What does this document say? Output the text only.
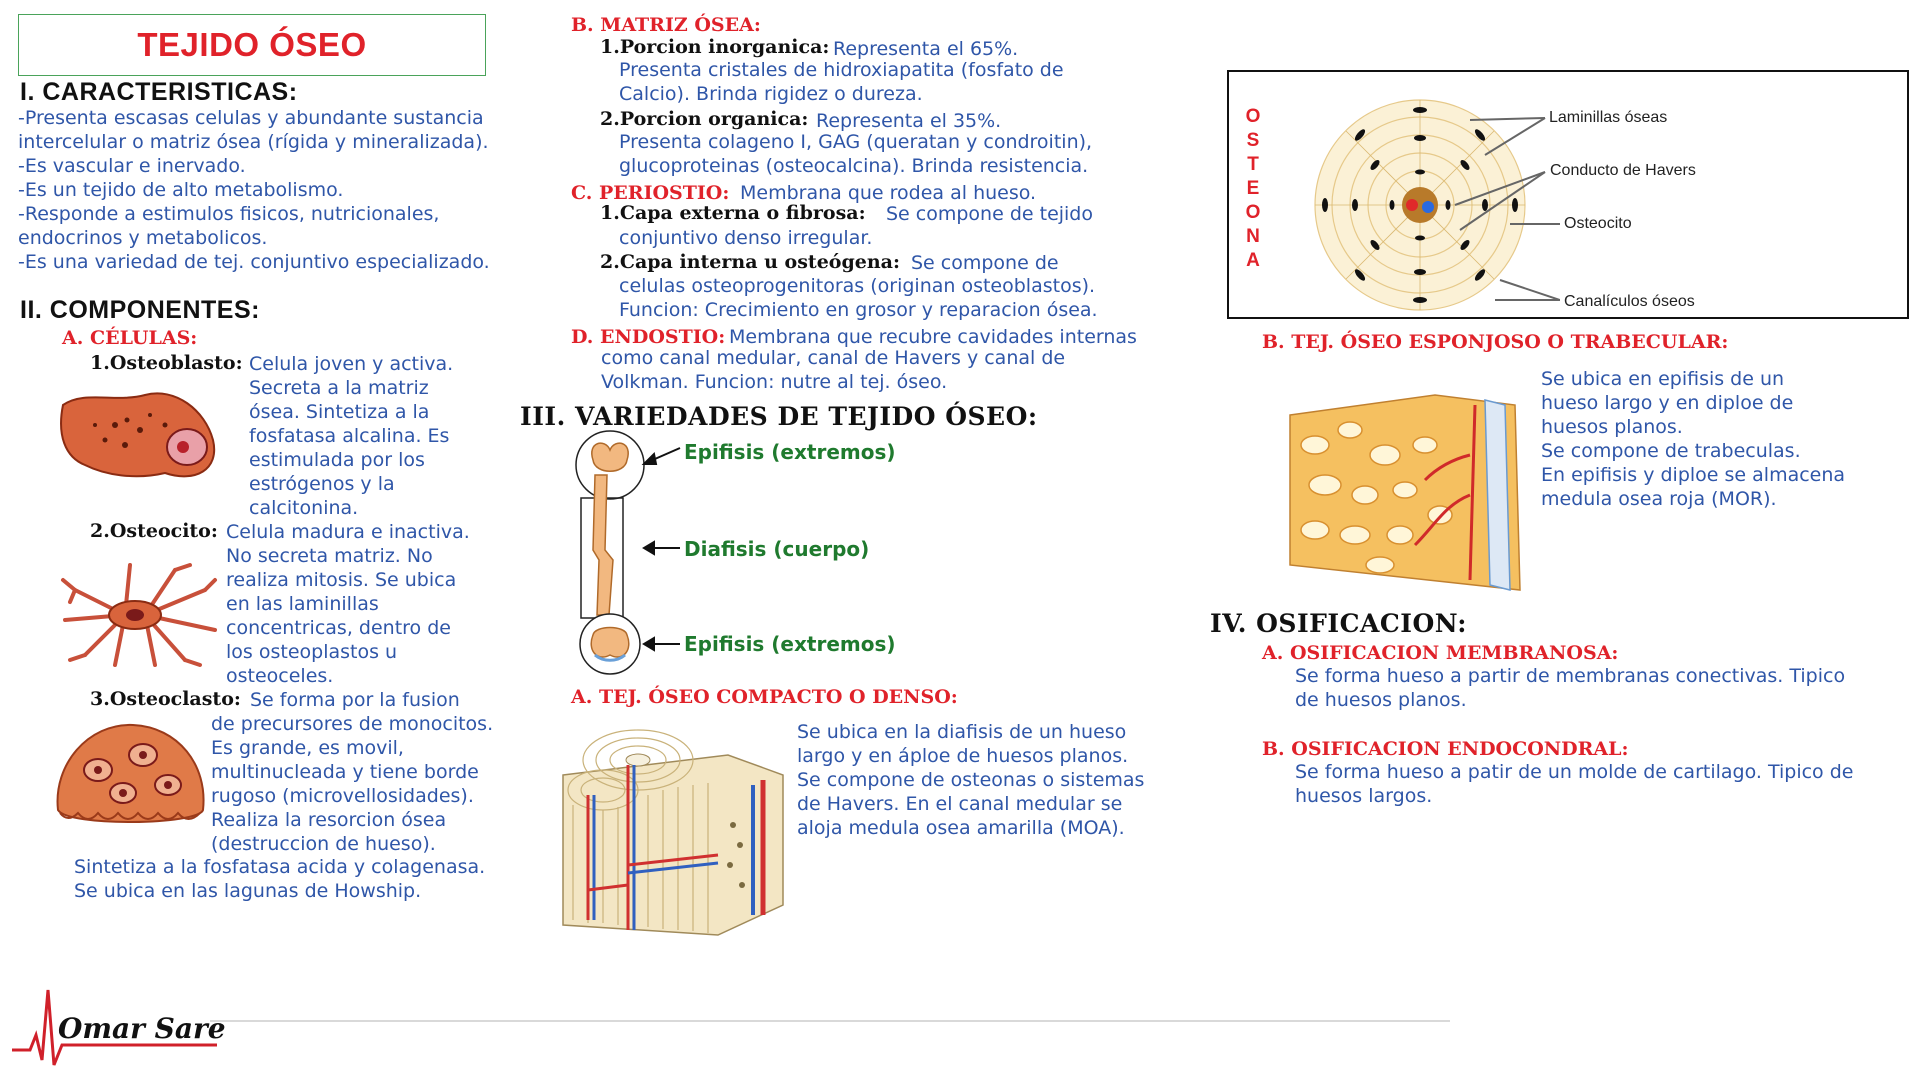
TEJIDO ÓSEO
I. CARACTERISTICAS:

-Presenta escasas celulas y abundante sustancia

intercelular o matriz ósea (rígida y mineralizada).

-Es vascular e inervado.

-Es un tejido de alto metabolismo.

-Responde a estimulos fisicos, nutricionales,

endocrinos y metabolicos.

-Es una variedad de tej. conjuntivo especializado.

II. COMPONENTES:
A. CÉLULAS:
1.Osteoblasto: Celula joven y activa.

Secreta a la matriz

ósea. Sintetiza a la

fosfatasa alcalina. Es

estimulada por los

estrógenos y la

calcitonina.

2.Osteocito: Celula madura e inactiva.

No secreta matriz. No

realiza mitosis. Se ubica

en las laminillas

concentricas, dentro de

los osteoplastos u

osteoceles.

3.Osteoclasto: Se forma por la fusion

de precursores de monocitos.

Es grande, es movil,

multinucleada y tiene borde

rugoso (microvellosidades).

Realiza la resorcion ósea

(destruccion de hueso).

Sintetiza a la fosfatasa acida y colagenasa.

Se ubica en las lagunas de Howship.

B. MATRIZ ÓSEA:
1.Porcion inorganica: Representa el 65%.

Presenta cristales de hidroxiapatita (fosfato de

Calcio). Brinda rigidez o dureza.

2.Porcion organica: Representa el 35%.

Presenta colageno I, GAG (queratan y condroitin),

glucoproteinas (osteocalcina). Brinda resistencia.

C. PERIOSTIO: Membrana que rodea al hueso.
1.Capa externa o fibrosa: Se compone de tejido
conjuntivo denso irregular.
2.Capa interna u osteógena: Se compone de

celulas osteoprogenitoras (originan osteoblastos).

Funcion: Crecimiento en grosor y reparacion ósea.

D. ENDOSTIO: Membrana que recubre cavidades internas

como canal medular, canal de Havers y canal de

Volkman. Funcion: nutre al tej. óseo.

III. VARIEDADES DE TEJIDO ÓSEO:
Epifisis (extremos)
Diafisis (cuerpo)
Epifisis (extremos)
A. TEJ. ÓSEO COMPACTO O DENSO:

Se ubica en la diafisis de un hueso

largo y en áploe de huesos planos.

Se compone de osteonas o sistemas

de Havers. En el canal medular se

aloja medula osea amarilla (MOA).

O
S
T
E
O
N
A
Laminillas óseas
Conducto de Havers
Osteocito
Canalículos óseos
B. TEJ. ÓSEO ESPONJOSO O TRABECULAR:

Se ubica en epifisis de un

hueso largo y en diploe de

huesos planos.

Se compone de trabeculas.

En epifisis y diploe se almacena

medula osea roja (MOR).

IV. OSIFICACION:
A. OSIFICACION MEMBRANOSA:

Se forma hueso a partir de membranas conectivas. Tipico

de huesos planos.

B. OSIFICACION ENDOCONDRAL:

Se forma hueso a patir de un molde de cartilago. Tipico de

huesos largos.

Omar Sare
